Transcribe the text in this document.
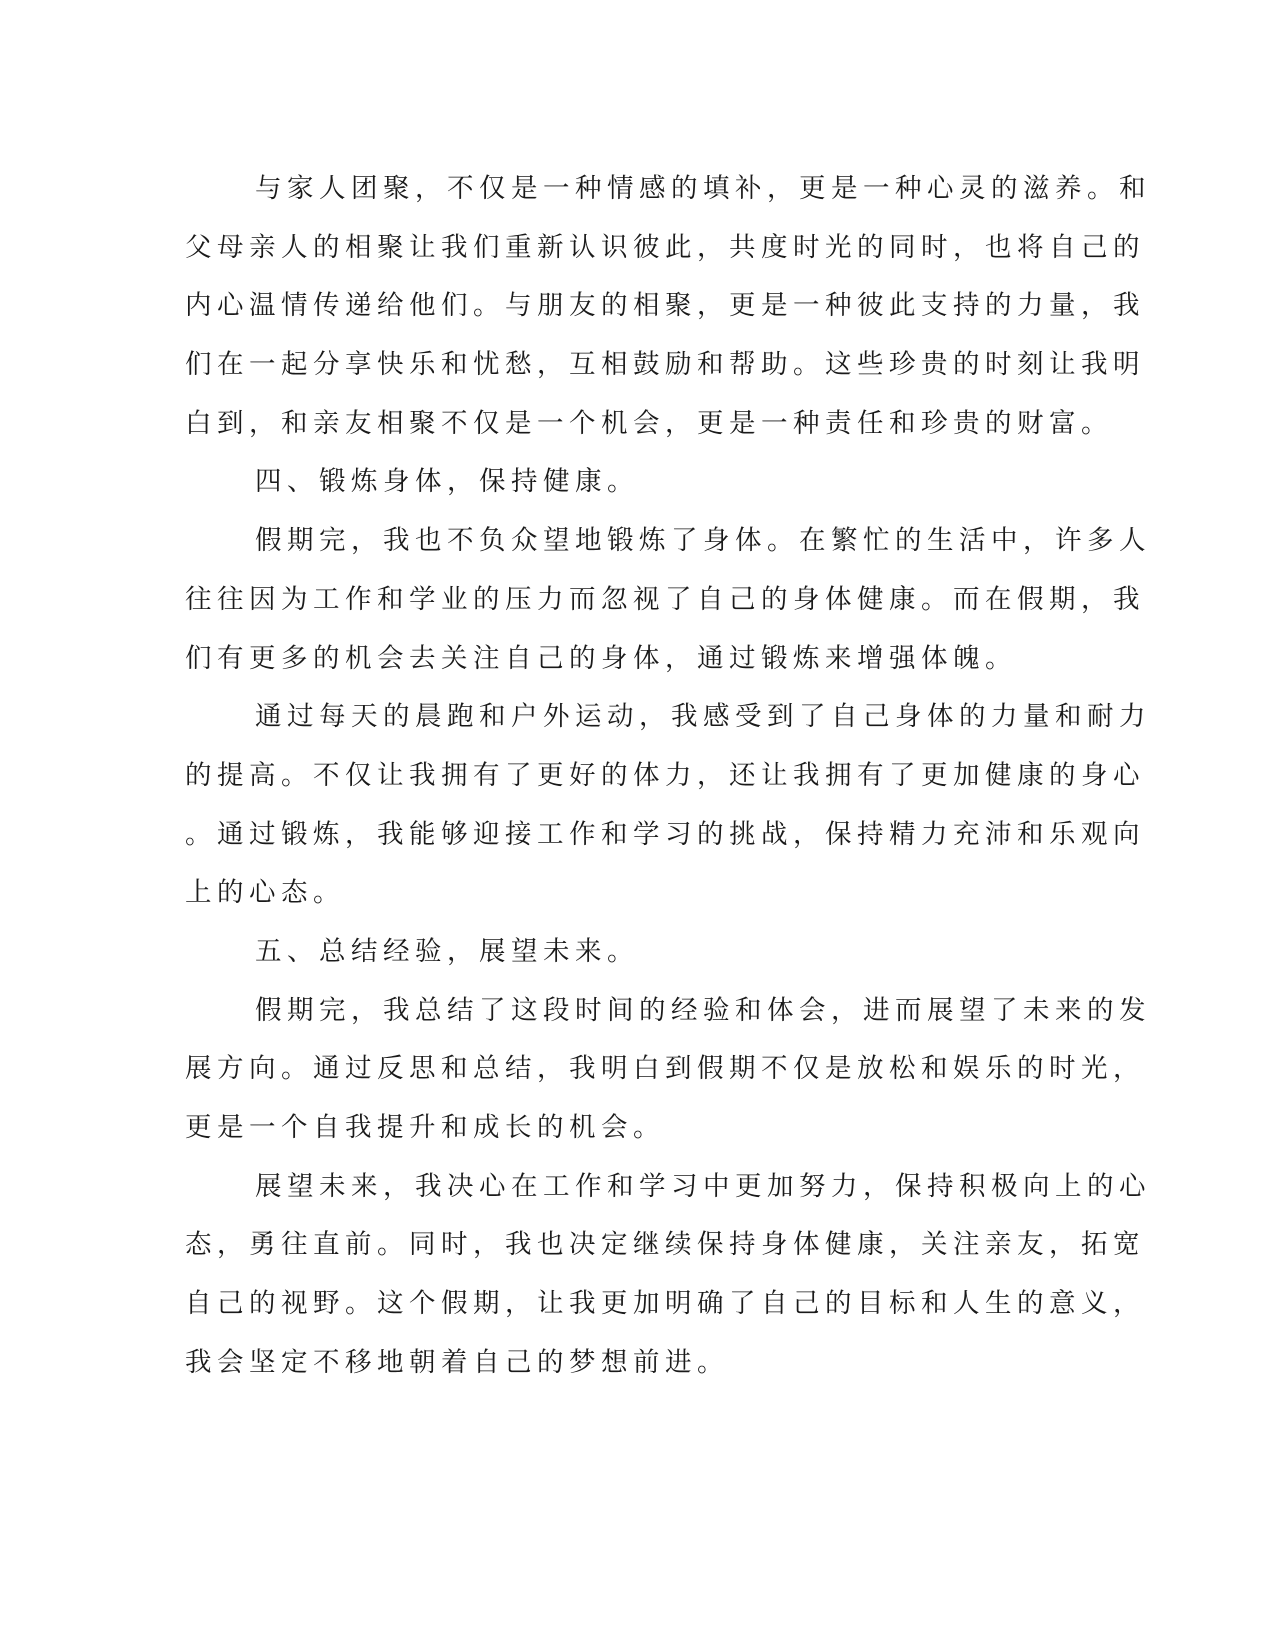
与家人团聚，不仅是一种情感的填补，更是一种心灵的滋养。和
父母亲人的相聚让我们重新认识彼此，共度时光的同时，也将自己的
内心温情传递给他们。与朋友的相聚，更是一种彼此支持的力量，我
们在一起分享快乐和忧愁，互相鼓励和帮助。这些珍贵的时刻让我明
白到，和亲友相聚不仅是一个机会，更是一种责任和珍贵的财富。
四、锻炼身体，保持健康。
假期完，我也不负众望地锻炼了身体。在繁忙的生活中，许多人
往往因为工作和学业的压力而忽视了自己的身体健康。而在假期，我
们有更多的机会去关注自己的身体，通过锻炼来增强体魄。
通过每天的晨跑和户外运动，我感受到了自己身体的力量和耐力
的提高。不仅让我拥有了更好的体力，还让我拥有了更加健康的身心
。通过锻炼，我能够迎接工作和学习的挑战，保持精力充沛和乐观向
上的心态。
五、总结经验，展望未来。
假期完，我总结了这段时间的经验和体会，进而展望了未来的发
展方向。通过反思和总结，我明白到假期不仅是放松和娱乐的时光，
更是一个自我提升和成长的机会。
展望未来，我决心在工作和学习中更加努力，保持积极向上的心
态，勇往直前。同时，我也决定继续保持身体健康，关注亲友，拓宽
自己的视野。这个假期，让我更加明确了自己的目标和人生的意义，
我会坚定不移地朝着自己的梦想前进。
